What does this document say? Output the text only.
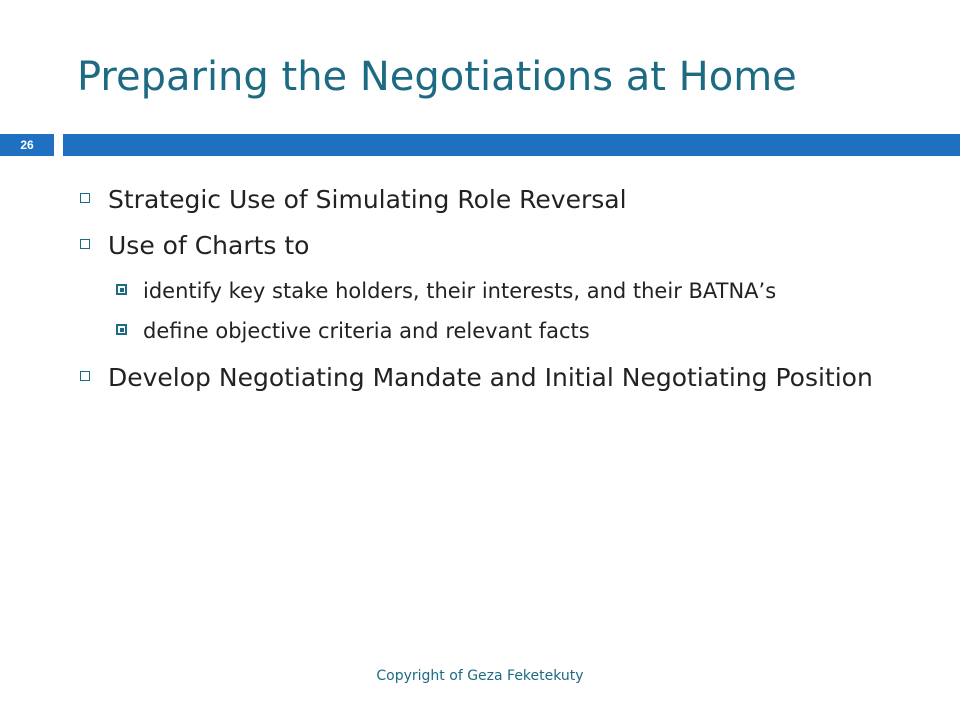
Preparing the Negotiations at Home
26
Strategic Use of Simulating Role Reversal
Use of Charts to
identify key stake holders, their interests, and their BATNA’s
define objective criteria and relevant facts
Develop Negotiating Mandate and Initial Negotiating Position
Copyright of Geza Feketekuty
